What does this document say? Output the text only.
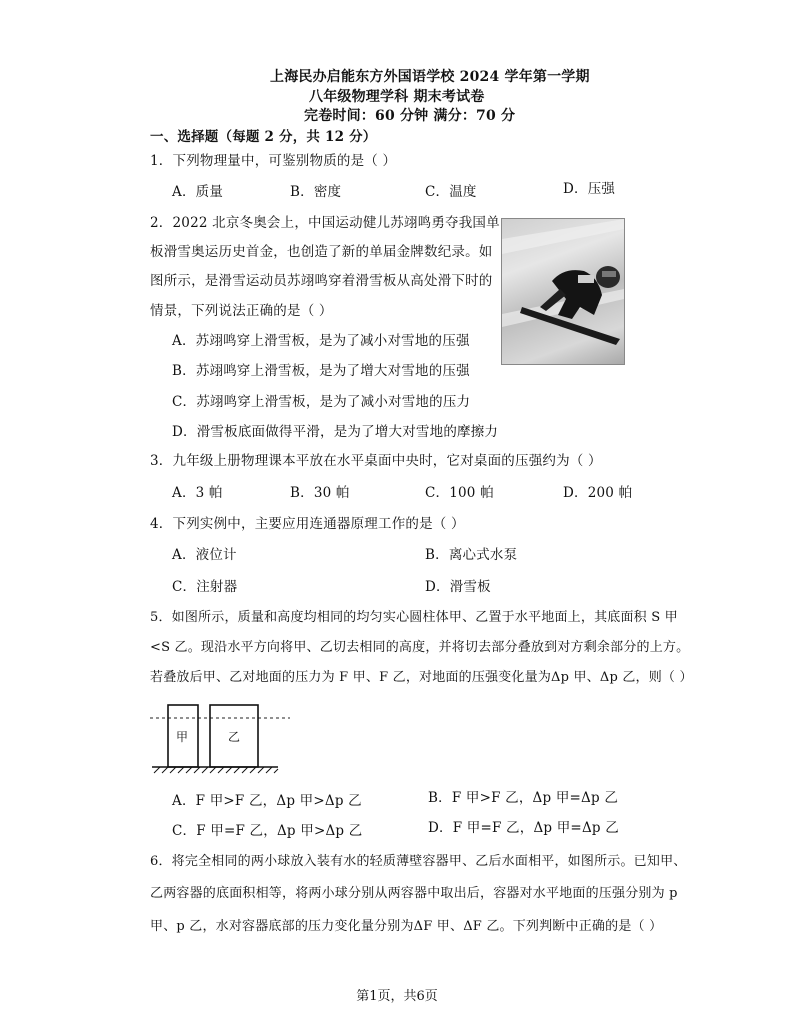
上海民办启能东方外国语学校 2024 学年第一学期
八年级物理学科 期末考试卷
完卷时间：60 分钟 满分：70 分
一、选择题（每题 2 分，共 12 分）
1．下列物理量中，可鉴别物质的是（ ）
A．质量	B．密度	C．温度	D．压强
2．2022 北京冬奥会上，中国运动健儿苏翊鸣勇夺我国单
板滑雪奥运历史首金，也创造了新的单届金牌数纪录。如
图所示，是滑雪运动员苏翊鸣穿着滑雪板从高处滑下时的
情景，下列说法正确的是（ ）
A．苏翊鸣穿上滑雪板，是为了减小对雪地的压强
B．苏翊鸣穿上滑雪板，是为了增大对雪地的压强
C．苏翊鸣穿上滑雪板，是为了减小对雪地的压力
D．滑雪板底面做得平滑，是为了增大对雪地的摩擦力
3．九年级上册物理课本平放在水平桌面中央时，它对桌面的压强约为（ ）
A．3 帕	B．30 帕	C．100 帕	D．200 帕
4．下列实例中，主要应用连通器原理工作的是（ ）
A．液位计	B．离心式水泵
C．注射器	D．滑雪板
5．如图所示，质量和高度均相同的均匀实心圆柱体甲、乙置于水平地面上，其底面积 S 甲
<S 乙。现沿水平方向将甲、乙切去相同的高度，并将切去部分叠放到对方剩余部分的上方。
若叠放后甲、乙对地面的压力为 F 甲、F 乙，对地面的压强变化量为Δp 甲、Δp 乙，则（ ）
甲	乙
A．F 甲>F 乙，Δp 甲>Δp 乙	B．F 甲>F 乙，Δp 甲=Δp 乙
C．F 甲=F 乙，Δp 甲>Δp 乙	D．F 甲=F 乙，Δp 甲=Δp 乙
6．将完全相同的两小球放入装有水的轻质薄壁容器甲、乙后水面相平，如图所示。已知甲、
乙两容器的底面积相等，将两小球分别从两容器中取出后，容器对水平地面的压强分别为 p
甲、p 乙，水对容器底部的压力变化量分别为ΔF 甲、ΔF 乙。下列判断中正确的是（ ）
第1页，共6页
